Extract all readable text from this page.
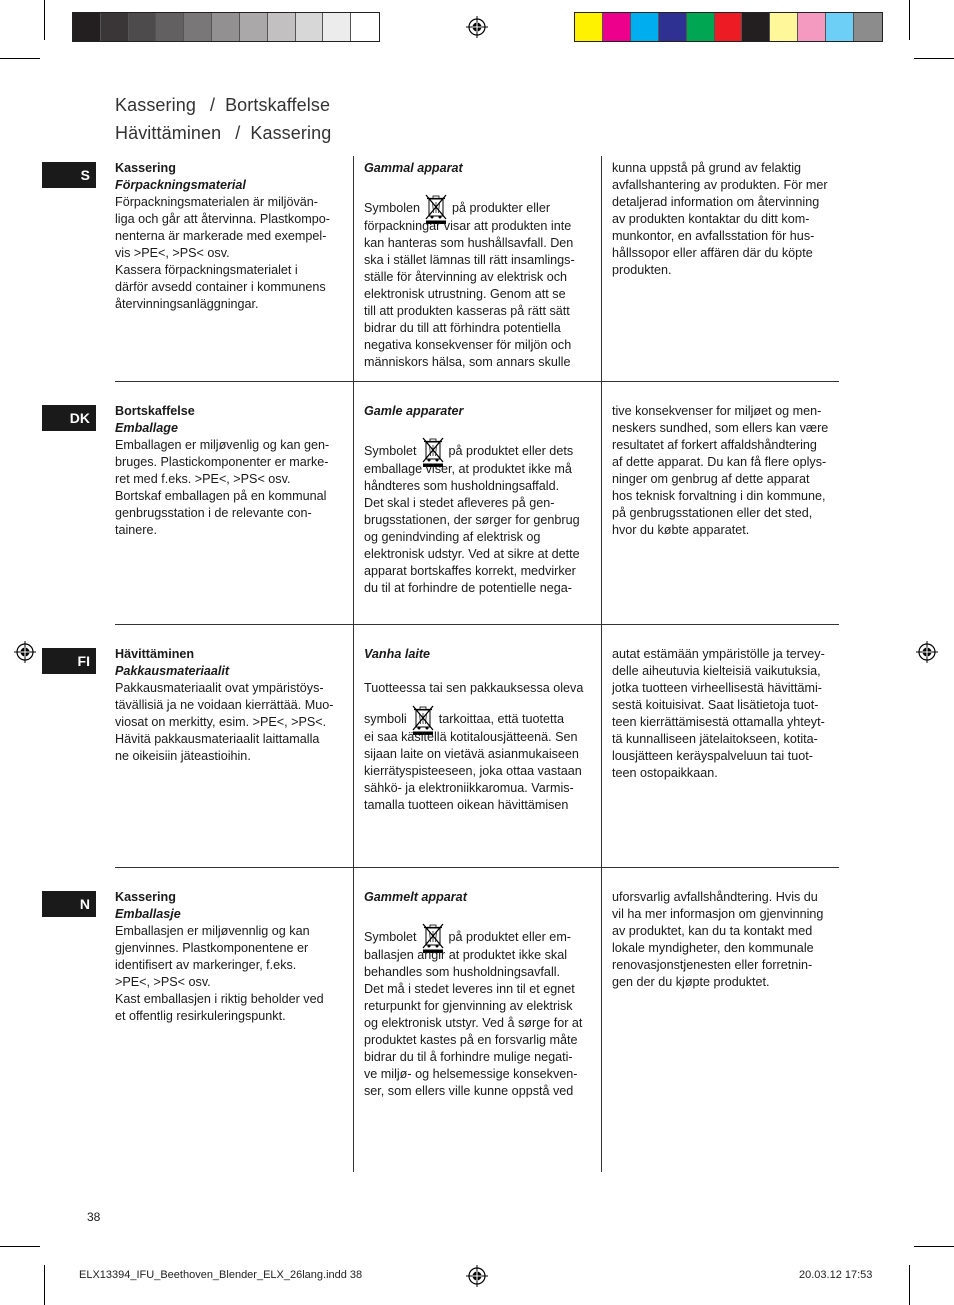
Kassering / Bortskaffelse
Hävittäminen / Kassering
S	Kassering
Förpackningsmaterial
Förpackningsmaterialen är miljövän-
liga och går att återvinna. Plastkompo-
nenterna är markerade med exempel-
vis >PE<, >PS< osv.
Kassera förpackningsmaterialet i
därför avsedd container i kommunens
återvinningsanläggningar.
Gammal apparat
Symbolen	på produkter eller
förpackningar visar att produkten inte
kan hanteras som hushållsavfall. Den
ska i stället lämnas till rätt insamlings-
ställe för återvinning av elektrisk och
elektronisk utrustning. Genom att se
till att produkten kasseras på rätt sätt
bidrar du till att förhindra potentiella
negativa konsekvenser för miljön och
människors hälsa, som annars skulle
kunna uppstå på grund av felaktig
avfallshantering av produkten. För mer
detaljerad information om återvinning
av produkten kontaktar du ditt kom-
munkontor, en avfallsstation för hus-
hållssopor eller affären där du köpte
produkten.
DK	Bortskaffelse
Emballage
Emballagen er miljøvenlig og kan gen-
bruges. Plastickomponenter er marke-
ret med f.eks. >PE<, >PS< osv.
Bortskaf emballagen på en kommunal
genbrugsstation i de relevante con-
tainere.
Gamle apparater
Symbolet	på produktet eller dets
emballage viser, at produktet ikke må
håndteres som husholdningsaffald.
Det skal i stedet afleveres på gen-
brugsstationen, der sørger for genbrug
og genindvinding af elektrisk og
elektronisk udstyr. Ved at sikre at dette
apparat bortskaffes korrekt, medvirker
du til at forhindre de potentielle nega-
tive konsekvenser for miljøet og men-
neskers sundhed, som ellers kan være
resultatet af forkert affaldshåndtering
af dette apparat. Du kan få flere oplys-
ninger om genbrug af dette apparat
hos teknisk forvaltning i din kommune,
på genbrugsstationen eller det sted,
hvor du købte apparatet.
FI	Hävittäminen
Pakkausmateriaalit
Pakkausmateriaalit ovat ympäristöys-
tävällisiä ja ne voidaan kierrättää. Muo-
viosat on merkitty, esim. >PE<, >PS<.
Hävitä pakkausmateriaalit laittamalla
ne oikeisiin jäteastioihin.
Vanha laite
Tuotteessa tai sen pakkauksessa oleva
symboli	tarkoittaa, että tuotetta
ei saa käsitellä kotitalousjätteenä. Sen
sijaan laite on vietävä asianmukaiseen
kierrätyspisteeseen, joka ottaa vastaan
sähkö- ja elektroniikkaromua. Varmis-
tamalla tuotteen oikean hävittämisen
autat estämään ympäristölle ja tervey-
delle aiheutuvia kielteisiä vaikutuksia,
jotka tuotteen virheellisestä hävittämi-
sestä koituisivat. Saat lisätietoja tuot-
teen kierrättämisestä ottamalla yhteyt-
tä kunnalliseen jätelaitokseen, kotita-
lousjätteen keräyspalveluun tai tuot-
teen ostopaikkaan.
N	Kassering
Emballasje
Emballasjen er miljøvennlig og kan
gjenvinnes. Plastkomponentene er
identifisert av markeringer, f.eks.
>PE<, >PS< osv.
Kast emballasjen i riktig beholder ved
et offentlig resirkuleringspunkt.
Gammelt apparat
Symbolet	på produktet eller em-
ballasjen angir at produktet ikke skal
behandles som husholdningsavfall.
Det må i stedet leveres inn til et egnet
returpunkt for gjenvinning av elektrisk
og elektronisk utstyr. Ved å sørge for at
produktet kastes på en forsvarlig måte
bidrar du til å forhindre mulige negati-
ve miljø- og helsemessige konsekven-
ser, som ellers ville kunne oppstå ved
uforsvarlig avfallshåndtering. Hvis du
vil ha mer informasjon om gjenvinning
av produktet, kan du ta kontakt med
lokale myndigheter, den kommunale
renovasjonstjenesten eller forretnin-
gen der du kjøpte produktet.
38
ELX13394_IFU_Beethoven_Blender_ELX_26lang.indd 38	20.03.12 17:53
